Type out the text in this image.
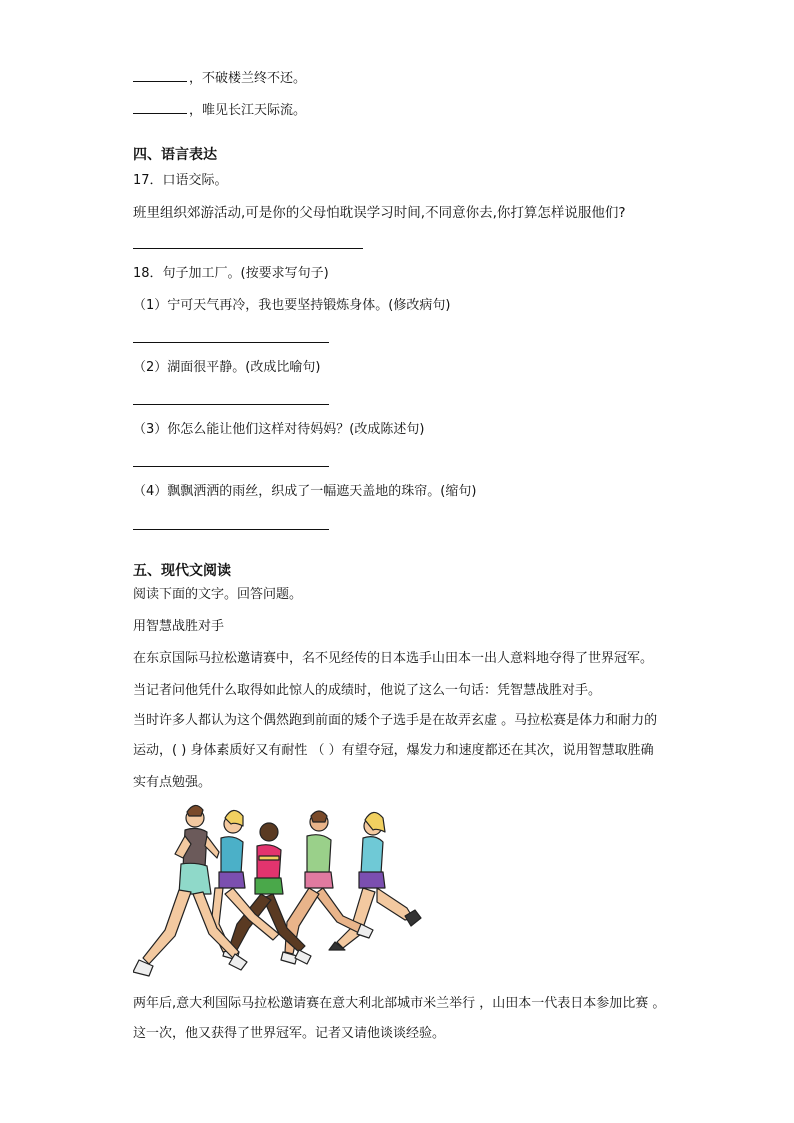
，不破楼兰终不还。
，唯见长江天际流。
四、语言表达
17．口语交际。
班里组织郊游活动,可是你的父母怕耽误学习时间,不同意你去,你打算怎样说服他们?
18．句子加工厂。(按要求写句子)
（1）宁可天气再冷，我也要坚持锻炼身体。(修改病句)
（2）湖面很平静。(改成比喻句)
（3）你怎么能让他们这样对待妈妈？(改成陈述句)
（4）飘飘洒洒的雨丝，织成了一幅遮天盖地的珠帘。(缩句)
五、现代文阅读
阅读下面的文字。回答问题。
用智慧战胜对手
在东京国际马拉松邀请赛中，名不见经传的日本选手山田本一出人意料地夺得了世界冠军。
当记者问他凭什么取得如此惊人的成绩时，他说了这么一句话：凭智慧战胜对手。
当时许多人都认为这个偶然跑到前面的矮个子选手是在故弄玄虚 。马拉松赛是体力和耐力的
运动，( ) 身体素质好又有耐性 （ ）有望夺冠，爆发力和速度都还在其次，说用智慧取胜确
实有点勉强。
两年后,意大利国际马拉松邀请赛在意大利北部城市米兰举行 ，山田本一代表日本参加比赛 。
这一次，他又获得了世界冠军。记者又请他谈谈经验。
